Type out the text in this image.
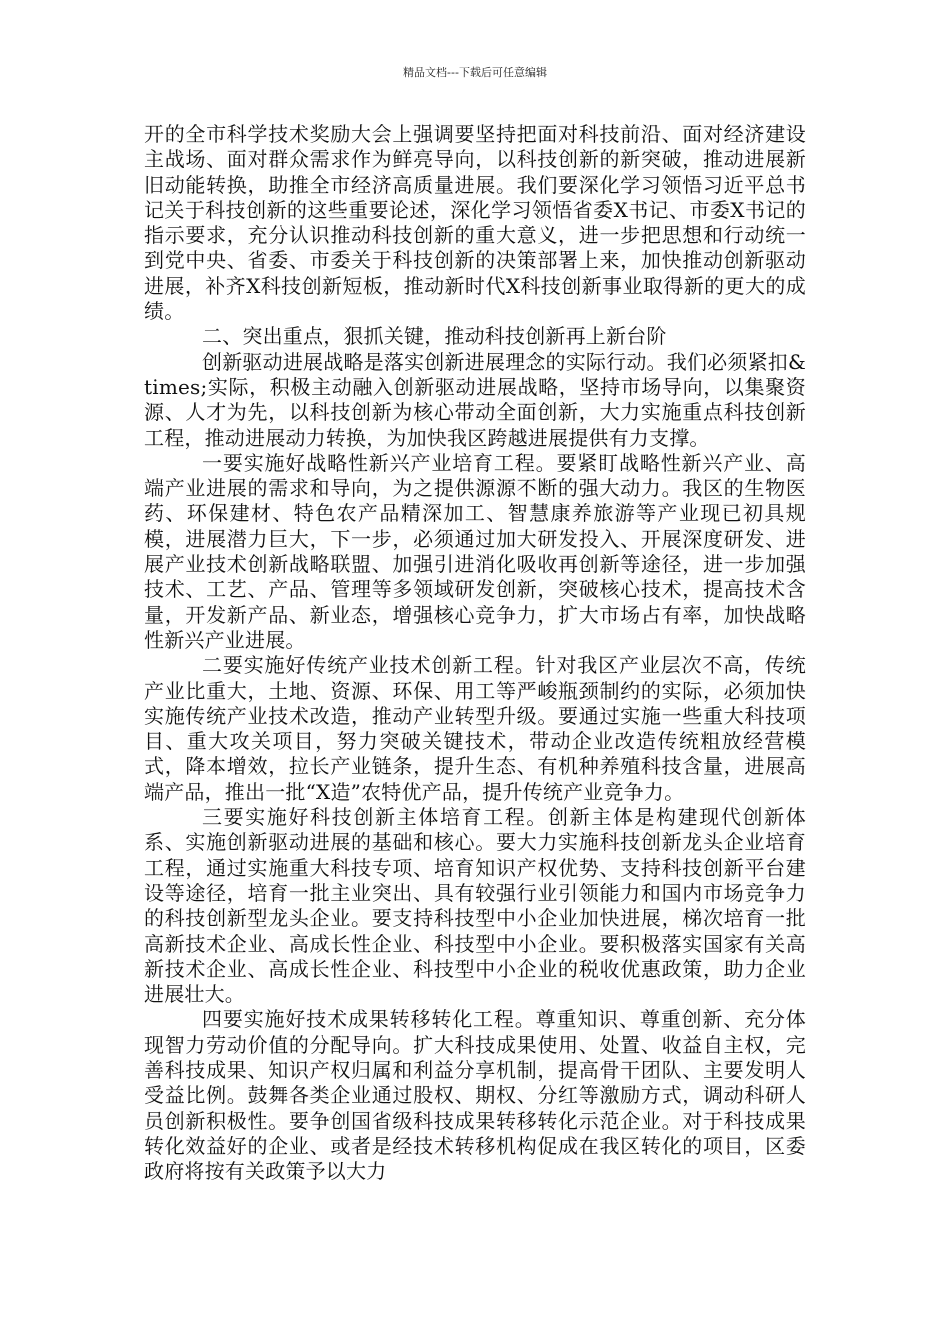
精品文档---下载后可任意编辑

开的全市科学技术奖励大会上强调要坚持把面对科技前沿、面对经济建设主战场、面对群众需求作为鲜亮导向，以科技创新的新突破，推动进展新旧动能转换，助推全市经济高质量进展。我们要深化学习领悟习近平总书记关于科技创新的这些重要论述，深化学习领悟省委X书记、市委X书记的指示要求，充分认识推动科技创新的重大意义，进一步把思想和行动统一到党中央、省委、市委关于科技创新的决策部署上来，加快推动创新驱动进展，补齐X科技创新短板，推动新时代X科技创新事业取得新的更大的成绩。

二、突出重点，狠抓关键，推动科技创新再上新台阶

创新驱动进展战略是落实创新进展理念的实际行动。我们必须紧扣&times;实际，积极主动融入创新驱动进展战略，坚持市场导向，以集聚资源、人才为先，以科技创新为核心带动全面创新，大力实施重点科技创新工程，推动进展动力转换，为加快我区跨越进展提供有力支撑。

一要实施好战略性新兴产业培育工程。要紧盯战略性新兴产业、高端产业进展的需求和导向，为之提供源源不断的强大动力。我区的生物医药、环保建材、特色农产品精深加工、智慧康养旅游等产业现已初具规模，进展潜力巨大，下一步，必须通过加大研发投入、开展深度研发、进展产业技术创新战略联盟、加强引进消化吸收再创新等途径，进一步加强技术、工艺、产品、管理等多领域研发创新，突破核心技术，提高技术含量，开发新产品、新业态，增强核心竞争力，扩大市场占有率，加快战略性新兴产业进展。

二要实施好传统产业技术创新工程。针对我区产业层次不高，传统产业比重大，土地、资源、环保、用工等严峻瓶颈制约的实际，必须加快实施传统产业技术改造，推动产业转型升级。要通过实施一些重大科技项目、重大攻关项目，努力突破关键技术，带动企业改造传统粗放经营模式，降本增效，拉长产业链条，提升生态、有机种养殖科技含量，进展高端产品，推出一批“X造”农特优产品，提升传统产业竞争力。

三要实施好科技创新主体培育工程。创新主体是构建现代创新体系、实施创新驱动进展的基础和核心。要大力实施科技创新龙头企业培育工程，通过实施重大科技专项、培育知识产权优势、支持科技创新平台建设等途径，培育一批主业突出、具有较强行业引领能力和国内市场竞争力的科技创新型龙头企业。要支持科技型中小企业加快进展，梯次培育一批高新技术企业、高成长性企业、科技型中小企业。要积极落实国家有关高新技术企业、高成长性企业、科技型中小企业的税收优惠政策，助力企业进展壮大。

四要实施好技术成果转移转化工程。尊重知识、尊重创新、充分体现智力劳动价值的分配导向。扩大科技成果使用、处置、收益自主权，完善科技成果、知识产权归属和利益分享机制，提高骨干团队、主要发明人受益比例。鼓舞各类企业通过股权、期权、分红等激励方式，调动科研人员创新积极性。要争创国省级科技成果转移转化示范企业。对于科技成果转化效益好的企业、或者是经技术转移机构促成在我区转化的项目，区委政府将按有关政策予以大力
